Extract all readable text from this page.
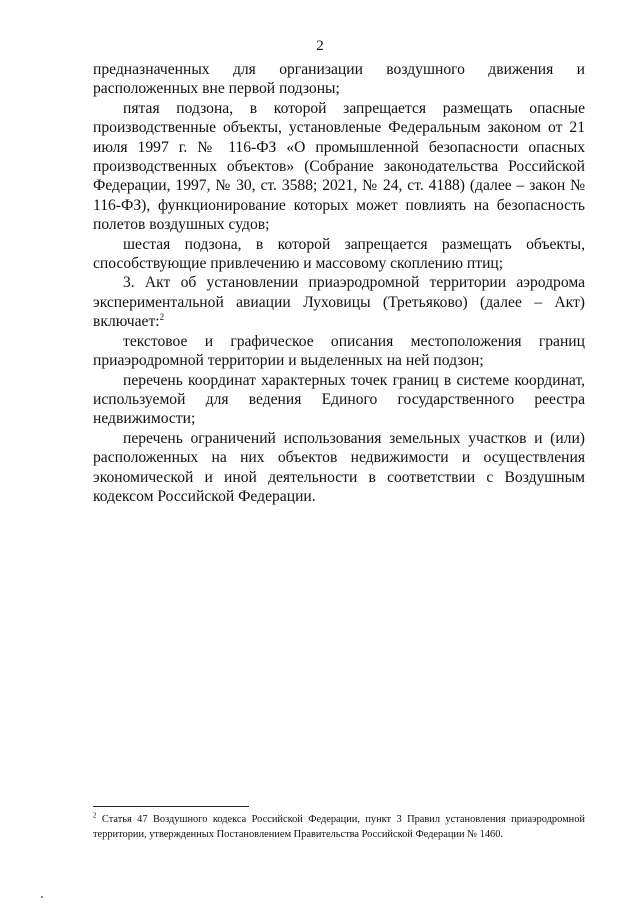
2

предназначенных для организации воздушного движения и расположенных вне первой подзоны;

пятая подзона, в которой запрещается размещать опасные производственные объекты, установленые Федеральным законом от 21 июля 1997 г. № 116-ФЗ «О промышленной безопасности опасных производственных объектов» (Собрание законодательства Российской Федерации, 1997, № 30, ст. 3588; 2021, № 24, ст. 4188) (далее – закон № 116-ФЗ), функционирование которых может повлиять на безопасность полетов воздушных судов;

шестая подзона, в которой запрещается размещать объекты, способствующие привлечению и массовому скоплению птиц;

3. Акт об установлении приаэродромной территории аэродрома экспериментальной авиации Луховицы (Третьяково) (далее – Акт) включает:$^2$

текстовое и графическое описания местоположения границ приаэродромной территории и выделенных на ней подзон;

перечень координат характерных точек границ в системе координат, используемой для ведения Единого государственного реестра недвижимости;

перечень ограничений использования земельных участков и (или) расположенных на них объектов недвижимости и осуществления экономической и иной деятельности в соответствии с Воздушным кодексом Российской Федерации.

$^2$ Статья 47 Воздушного кодекса Российской Федерации, пункт 3 Правил установления приаэродромной территории, утвержденных Постановлением Правительства Российской Федерации № 1460.
